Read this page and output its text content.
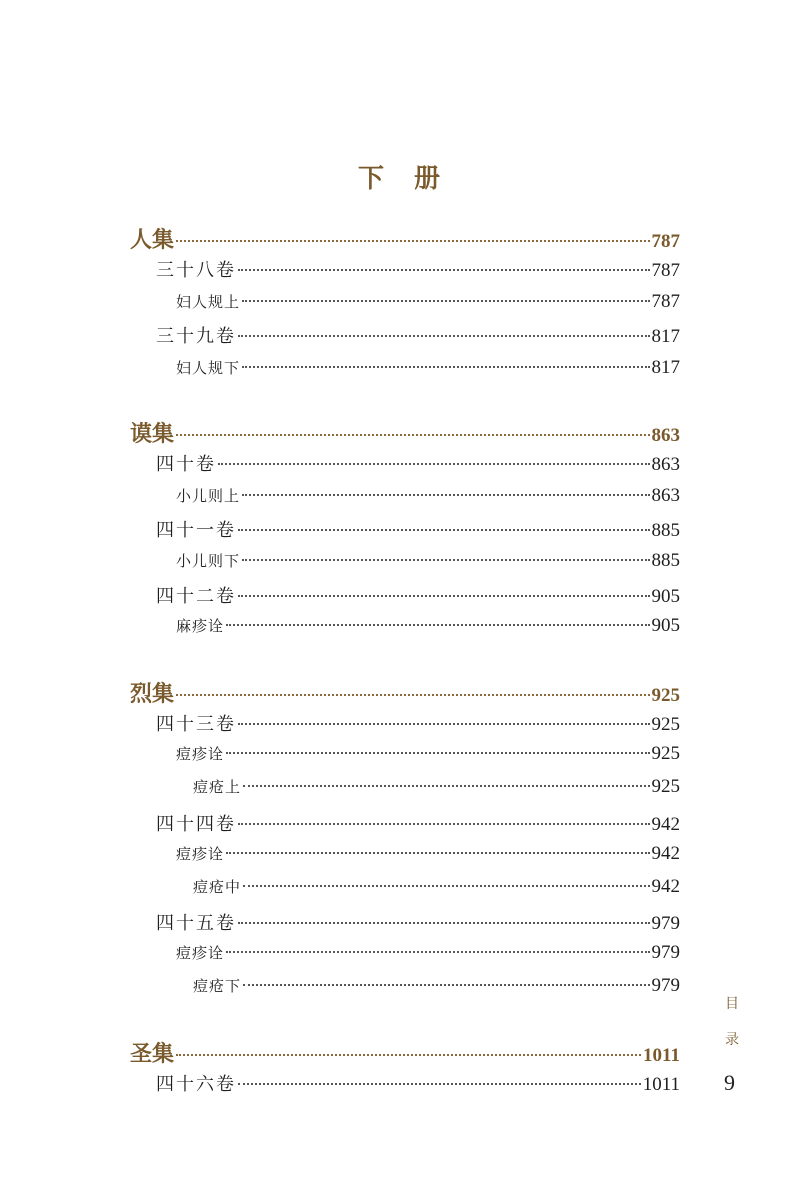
下 册
人集	787
三十八卷	787
妇人规上	787
三十九卷	817
妇人规下	817
谟集	863
四十卷	863
小儿则上	863
四十一卷	885
小儿则下	885
四十二卷	905
麻疹诠	905
烈集	925
四十三卷	925
痘疹诠	925
痘疮上	925
四十四卷	942
痘疹诠	942
痘疮中	942
四十五卷	979
痘疹诠	979
痘疮下	979
圣集	1011
四十六卷	1011
目
录
9
